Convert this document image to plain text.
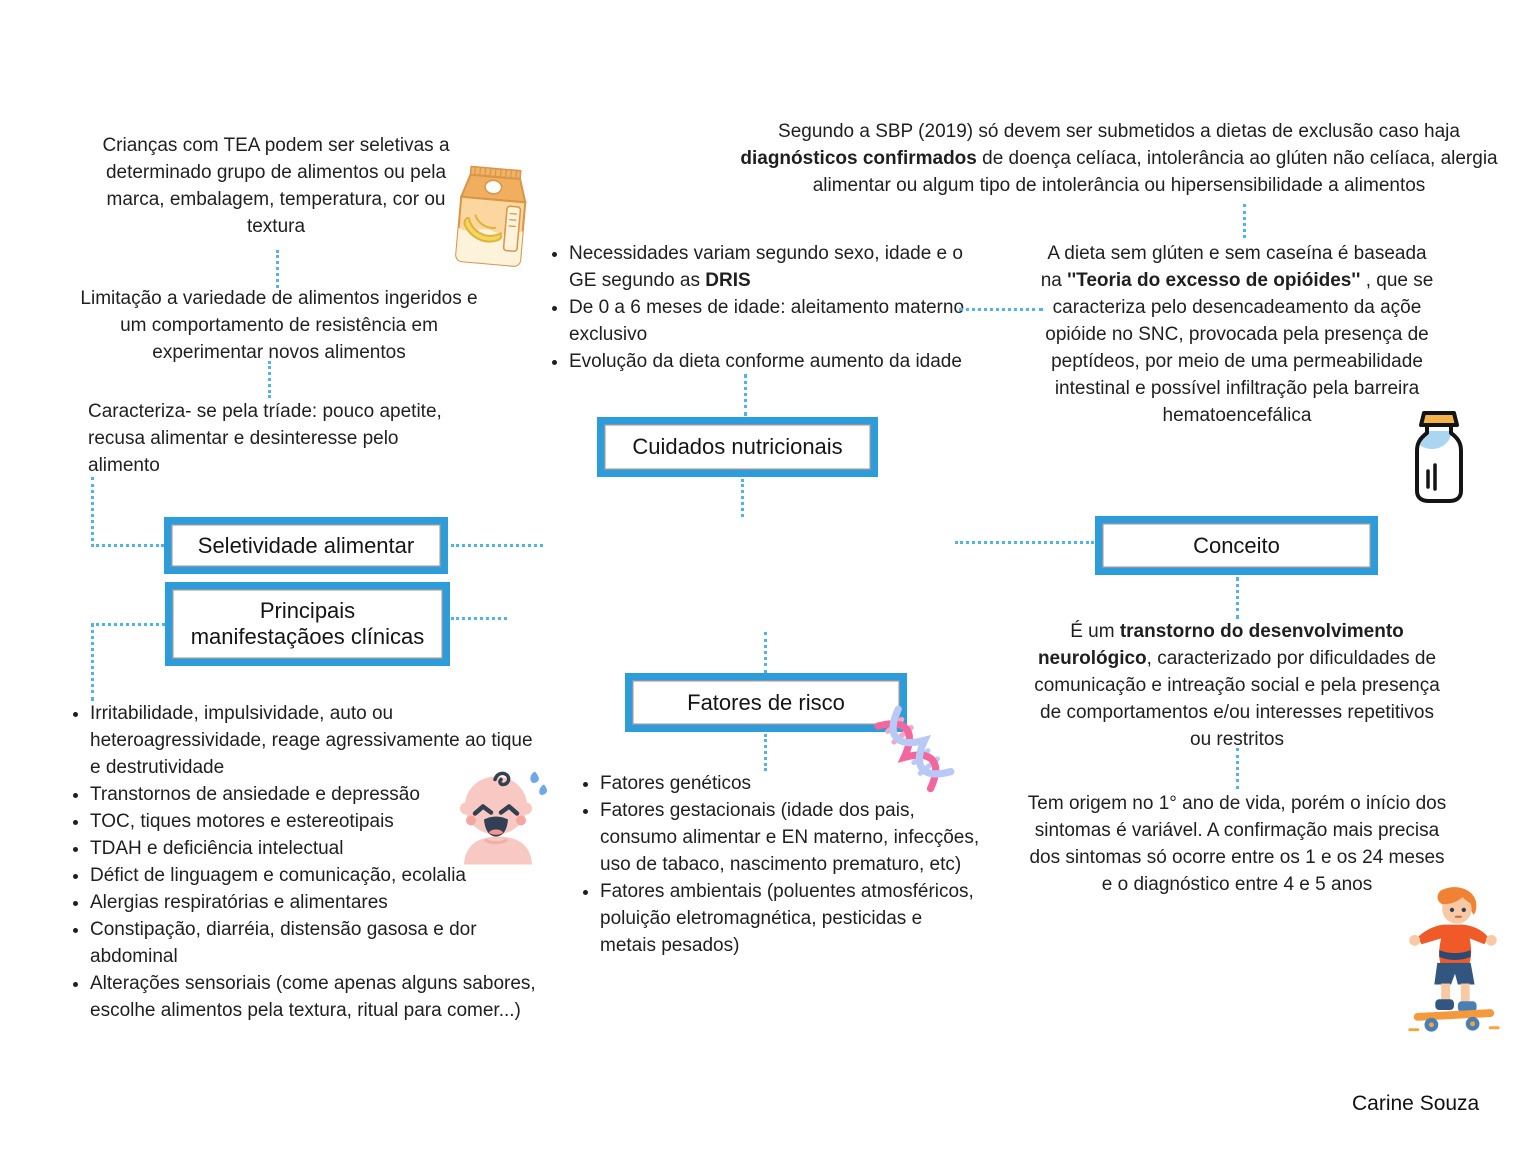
Crianças com TEA podem ser seletivas a determinado grupo de alimentos ou pela marca, embalagem, temperatura, cor ou textura
Limitação a variedade de alimentos ingeridos e um comportamento de resistência em experimentar novos alimentos
Caracteriza- se pela tríade: pouco apetite, recusa alimentar e desinteresse pelo alimento
Seletividade alimentar
Principais manifestaçãoes clínicas
Irritabilidade, impulsividade, auto ou heteroagressividade, reage agressivamente ao tique e destrutividade
Transtornos de ansiedade e depressão
TOC, tiques motores e estereotipais
TDAH e deficiência intelectual
Défict de linguagem e comunicação, ecolalia
Alergias respiratórias e alimentares
Constipação, diarréia, distensão gasosa e dor abdominal
Alterações sensoriais (come apenas alguns sabores, escolhe alimentos pela textura, ritual para comer...)
Necessidades variam segundo sexo, idade e o GE segundo as DRIS
De 0 a 6 meses de idade: aleitamento materno exclusivo
Evolução da dieta conforme aumento da idade
Cuidados nutricionais
Fatores de risco
Fatores genéticos
Fatores gestacionais (idade dos pais, consumo alimentar e EN materno, infecções, uso de tabaco, nascimento prematuro, etc)
Fatores ambientais (poluentes atmosféricos, poluição eletromagnética, pesticidas e metais pesados)
Segundo a SBP (2019) só devem ser submetidos a dietas de exclusão caso haja diagnósticos confirmados de doença celíaca, intolerância ao glúten não celíaca, alergia alimentar ou algum tipo de intolerância ou hipersensibilidade a alimentos
A dieta sem glúten e sem caseína é baseada na ''Teoria do excesso de opióides'' , que se caracteriza pelo desencadeamento da açõe opióide no SNC, provocada pela presença de peptídeos, por meio de uma permeabilidade intestinal e possível infiltração pela barreira hematoencefálica
Conceito
É um transtorno do desenvolvimento neurológico, caracterizado por dificuldades de comunicação e intreação social e pela presença de comportamentos e/ou interesses repetitivos ou restritos
Tem origem no 1° ano de vida, porém o início dos sintomas é variável. A confirmação mais precisa dos sintomas só ocorre entre os 1 e os 24 meses e o diagnóstico entre 4 e 5 anos
Carine Souza
